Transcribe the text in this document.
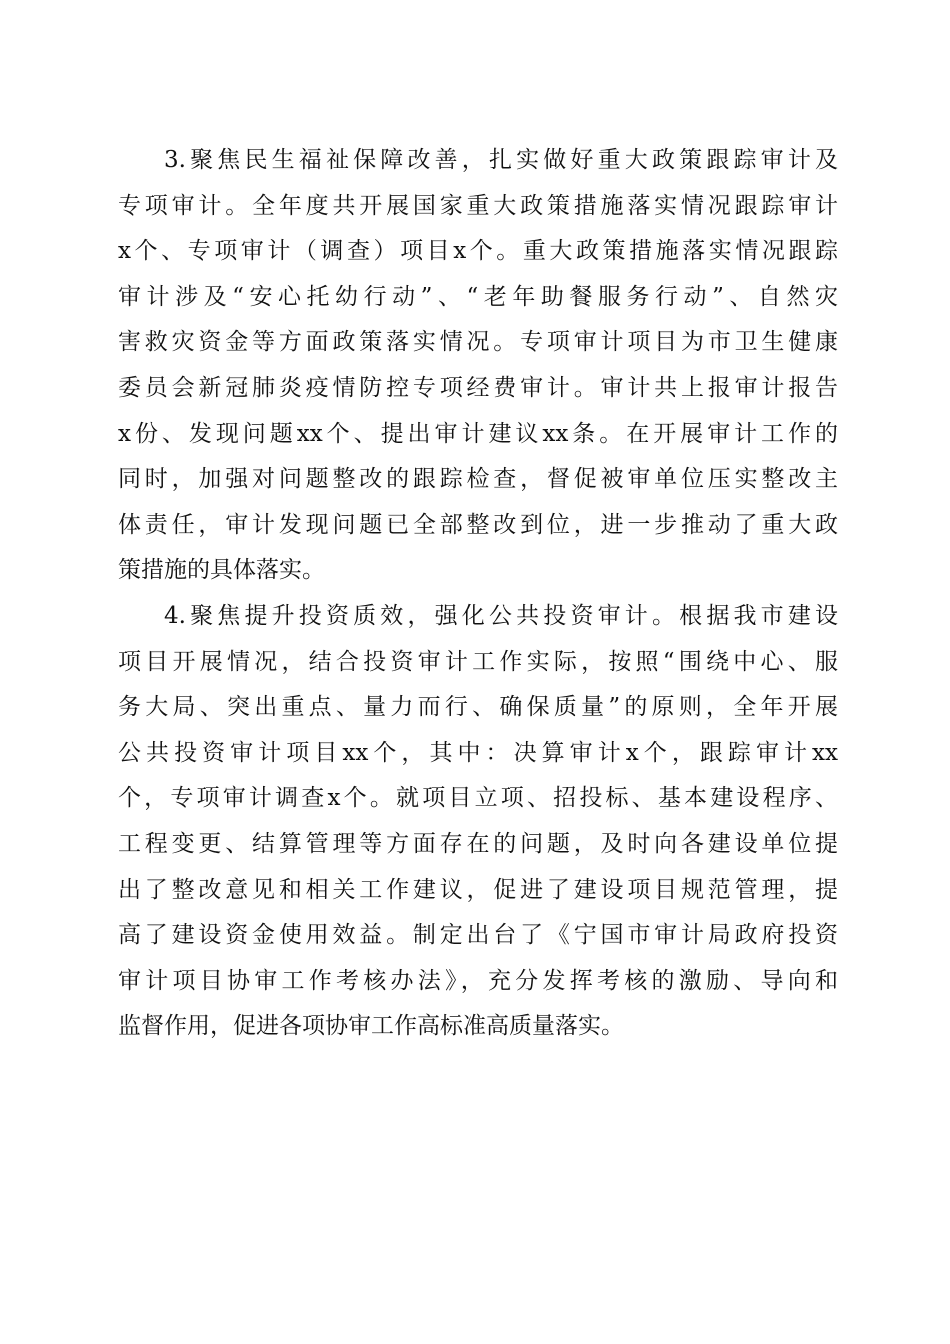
3.聚焦民生福祉保障改善，扎实做好重大政策跟踪审计及
专项审计。全年度共开展国家重大政策措施落实情况跟踪审计
x个、专项审计（调查）项目x个。重大政策措施落实情况跟踪
审计涉及“安心托幼行动”、“老年助餐服务行动”、自然灾
害救灾资金等方面政策落实情况。专项审计项目为市卫生健康
委员会新冠肺炎疫情防控专项经费审计。审计共上报审计报告
x份、发现问题xx个、提出审计建议xx条。在开展审计工作的
同时，加强对问题整改的跟踪检查，督促被审单位压实整改主
体责任，审计发现问题已全部整改到位，进一步推动了重大政
策措施的具体落实。
4.聚焦提升投资质效，强化公共投资审计。根据我市建设
项目开展情况，结合投资审计工作实际，按照“围绕中心、服
务大局、突出重点、量力而行、确保质量”的原则，全年开展
公共投资审计项目xx个，其中：决算审计x个，跟踪审计xx
个，专项审计调查x个。就项目立项、招投标、基本建设程序、
工程变更、结算管理等方面存在的问题，及时向各建设单位提
出了整改意见和相关工作建议，促进了建设项目规范管理，提
高了建设资金使用效益。制定出台了《宁国市审计局政府投资
审计项目协审工作考核办法》，充分发挥考核的激励、导向和
监督作用，促进各项协审工作高标准高质量落实。
